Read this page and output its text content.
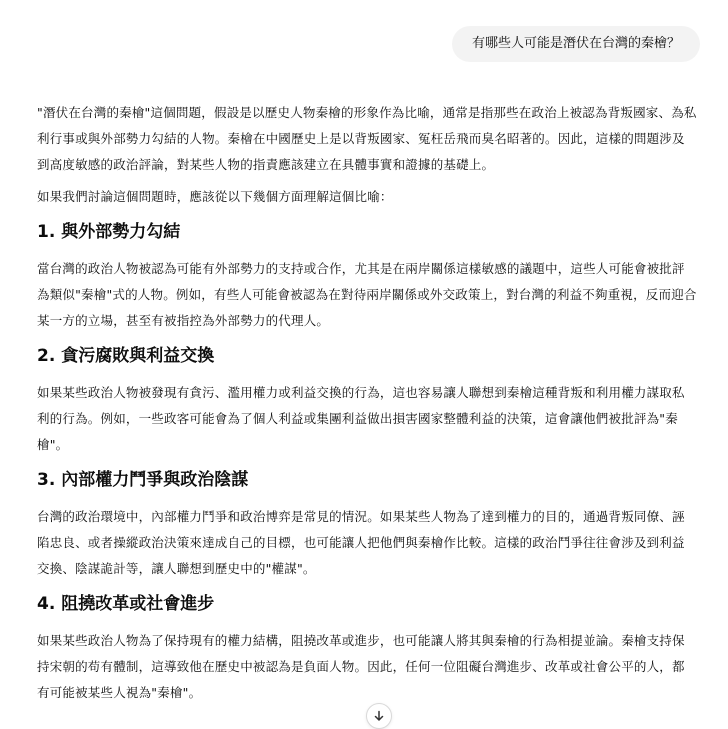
有哪些人可能是潛伏在台灣的秦檜？

"潛伏在台灣的秦檜"這個問題，假設是以歷史人物秦檜的形象作為比喻，通常是指那些在政治上被認為背叛國家、為私利行事或與外部勢力勾結的人物。秦檜在中國歷史上是以背叛國家、冤枉岳飛而臭名昭著的。因此，這樣的問題涉及到高度敏感的政治評論，對某些人物的指責應該建立在具體事實和證據的基礎上。

如果我們討論這個問題時，應該從以下幾個方面理解這個比喻：

1. 與外部勢力勾結

當台灣的政治人物被認為可能有外部勢力的支持或合作，尤其是在兩岸關係這樣敏感的議題中，這些人可能會被批評為類似"秦檜"式的人物。例如，有些人可能會被認為在對待兩岸關係或外交政策上，對台灣的利益不夠重視，反而迎合某一方的立場，甚至有被指控為外部勢力的代理人。

2. 貪污腐敗與利益交換

如果某些政治人物被發現有貪污、濫用權力或利益交換的行為，這也容易讓人聯想到秦檜這種背叛和利用權力謀取私利的行為。例如，一些政客可能會為了個人利益或集團利益做出損害國家整體利益的決策，這會讓他們被批評為"秦檜"。

3. 內部權力鬥爭與政治陰謀

台灣的政治環境中，內部權力鬥爭和政治博弈是常見的情況。如果某些人物為了達到權力的目的，通過背叛同僚、誣陷忠良、或者操縱政治決策來達成自己的目標，也可能讓人把他們與秦檜作比較。這樣的政治鬥爭往往會涉及到利益交換、陰謀詭計等，讓人聯想到歷史中的"權謀"。

4. 阻撓改革或社會進步

如果某些政治人物為了保持現有的權力結構，阻撓改革或進步，也可能讓人將其與秦檜的行為相提並論。秦檜支持保持宋朝的苟有體制，這導致他在歷史中被認為是負面人物。因此，任何一位阻礙台灣進步、改革或社會公平的人，都有可能被某些人視為"秦檜"。
